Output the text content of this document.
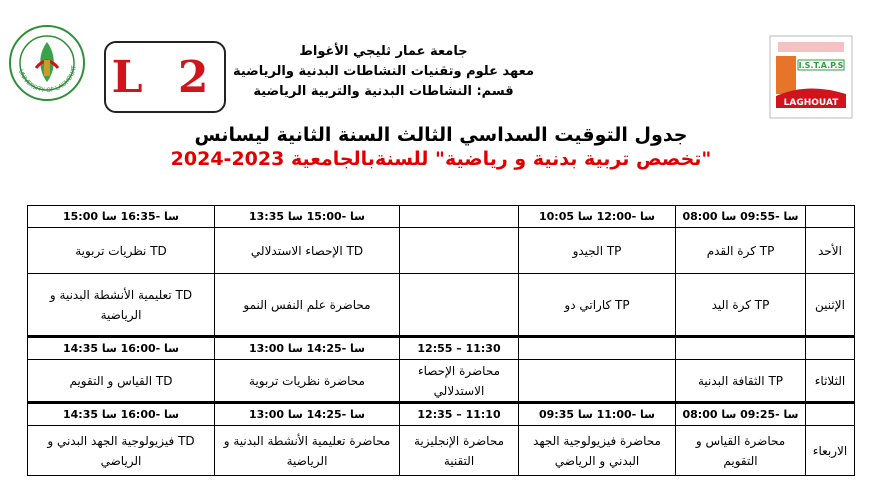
UNIVERSITY OF LAGHOUAT L 2	جامعة عمار ثليجي الأغواط
معهد علوم وتقنيات النشاطات البدنية والرياضية
قسم: النشاطات البدنية والتربية الرياضية
I.S.T.A.P.S
LAGHOUAT
جدول التوقيت السداسي الثالث السنة الثانية ليسانس
"تخصص تربية بدنية و رياضية" للسنةبالجامعية 2023-2024
	08:00 سا -09:55 سا	10:05 سا -12:00 سا		13:35 سا -15:00 سا	15:00 سا -16:35 سا
الأحد	TP كرة القدم	TP الجيدو		TD الإحصاء الاستدلالي	TD نظريات تربوية
الإثنين	TP كرة اليد	TP كاراتي دو		محاضرة علم النفس النمو	TD تعليمية الأنشطة البدنية و الرياضية
			12:55 – 11:30	13:00 سا -14:25 سا	14:35 سا -16:00 سا
الثلاثاء	TP الثقافة البدنية		محاضرة الإحصاء الاستدلالي	محاضرة نظريات تربوية	TD القياس و التقويم
	08:00 سا -09:25 سا	09:35 سا -11:00 سا	12:35 – 11:10	13:00 سا -14:25 سا	14:35 سا -16:00 سا
الاربعاء	محاضرة القياس و التقويم	محاضرة فيزيولوجية الجهد البدني و الرياضي	محاضرة الإنجليزية التقنية	محاضرة تعليمية الأنشطة البدنية و الرياضية	TD فيزيولوجية الجهد البدني و الرياضي
